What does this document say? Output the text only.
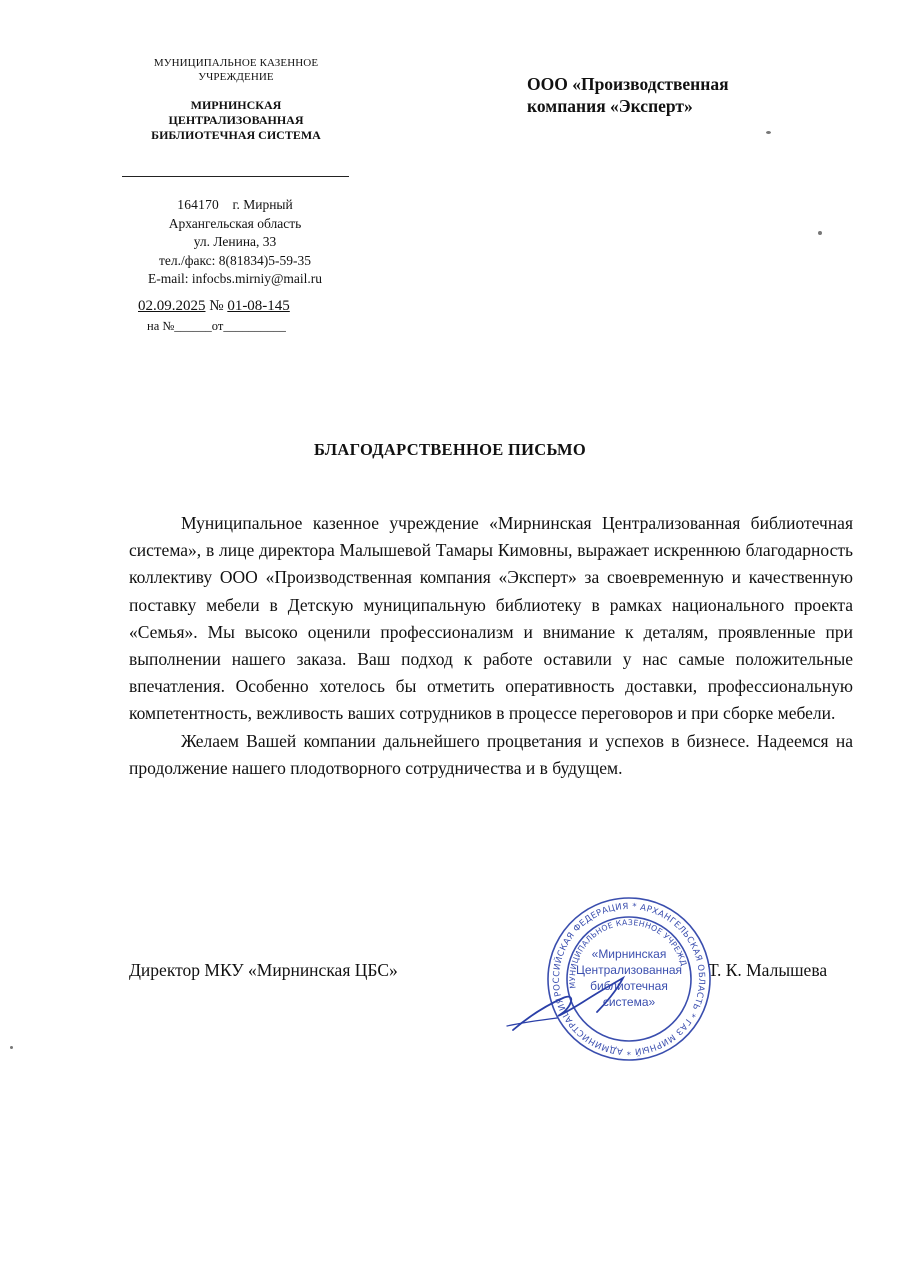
МУНИЦИПАЛЬНОЕ КАЗЕННОЕ УЧРЕЖДЕНИЕ
МИРНИНСКАЯ ЦЕНТРАЛИЗОВАННАЯ БИБЛИОТЕЧНАЯ СИСТЕМА
164170 г. Мирный
Архангельская область
ул. Ленина, 33
тел./факс: 8(81834)5-59-35
E-mail: infocbs.mirniy@mail.ru
02.09.2025 № 01-08-145
на №______от__________
ООО «Производственная
компания «Эксперт»
БЛАГОДАРСТВЕННОЕ ПИСЬМО

Муниципальное казенное учреждение «Мирнинская Централизованная библиотечная система», в лице директора Малышевой Тамары Кимовны, выражает искреннюю благодарность коллективу ООО «Производственная компания «Эксперт» за своевременную и качественную поставку мебели в Детскую муниципальную библиотеку в рамках национального проекта «Семья». Мы высоко оценили профессионализм и внимание к деталям, проявленные при выполнении нашего заказа. Ваш подход к работе оставили у нас самые положительные впечатления. Особенно хотелось бы отметить оперативность доставки, профессиональную компетентность, вежливость ваших сотрудников в процессе переговоров и при сборке мебели.

Желаем Вашей компании дальнейшего процветания и успехов в бизнесе. Надеемся на продолжение нашего плодотворного сотрудничества и в будущем.

Директор МКУ «Мирнинская ЦБС»	Т. К. Малышева
РОССИЙСКАЯ ФЕДЕРАЦИЯ * АРХАНГЕЛЬСКАЯ ОБЛАСТЬ * ГАЗ МИРНЫЙ * АДМИНИСТРАЦИЯ
МУНИЦИПАЛЬНОЕ КАЗЕННОЕ УЧРЕЖДЕНИЕ
«Мирнинская
Централизованная
библиотечная
система»
